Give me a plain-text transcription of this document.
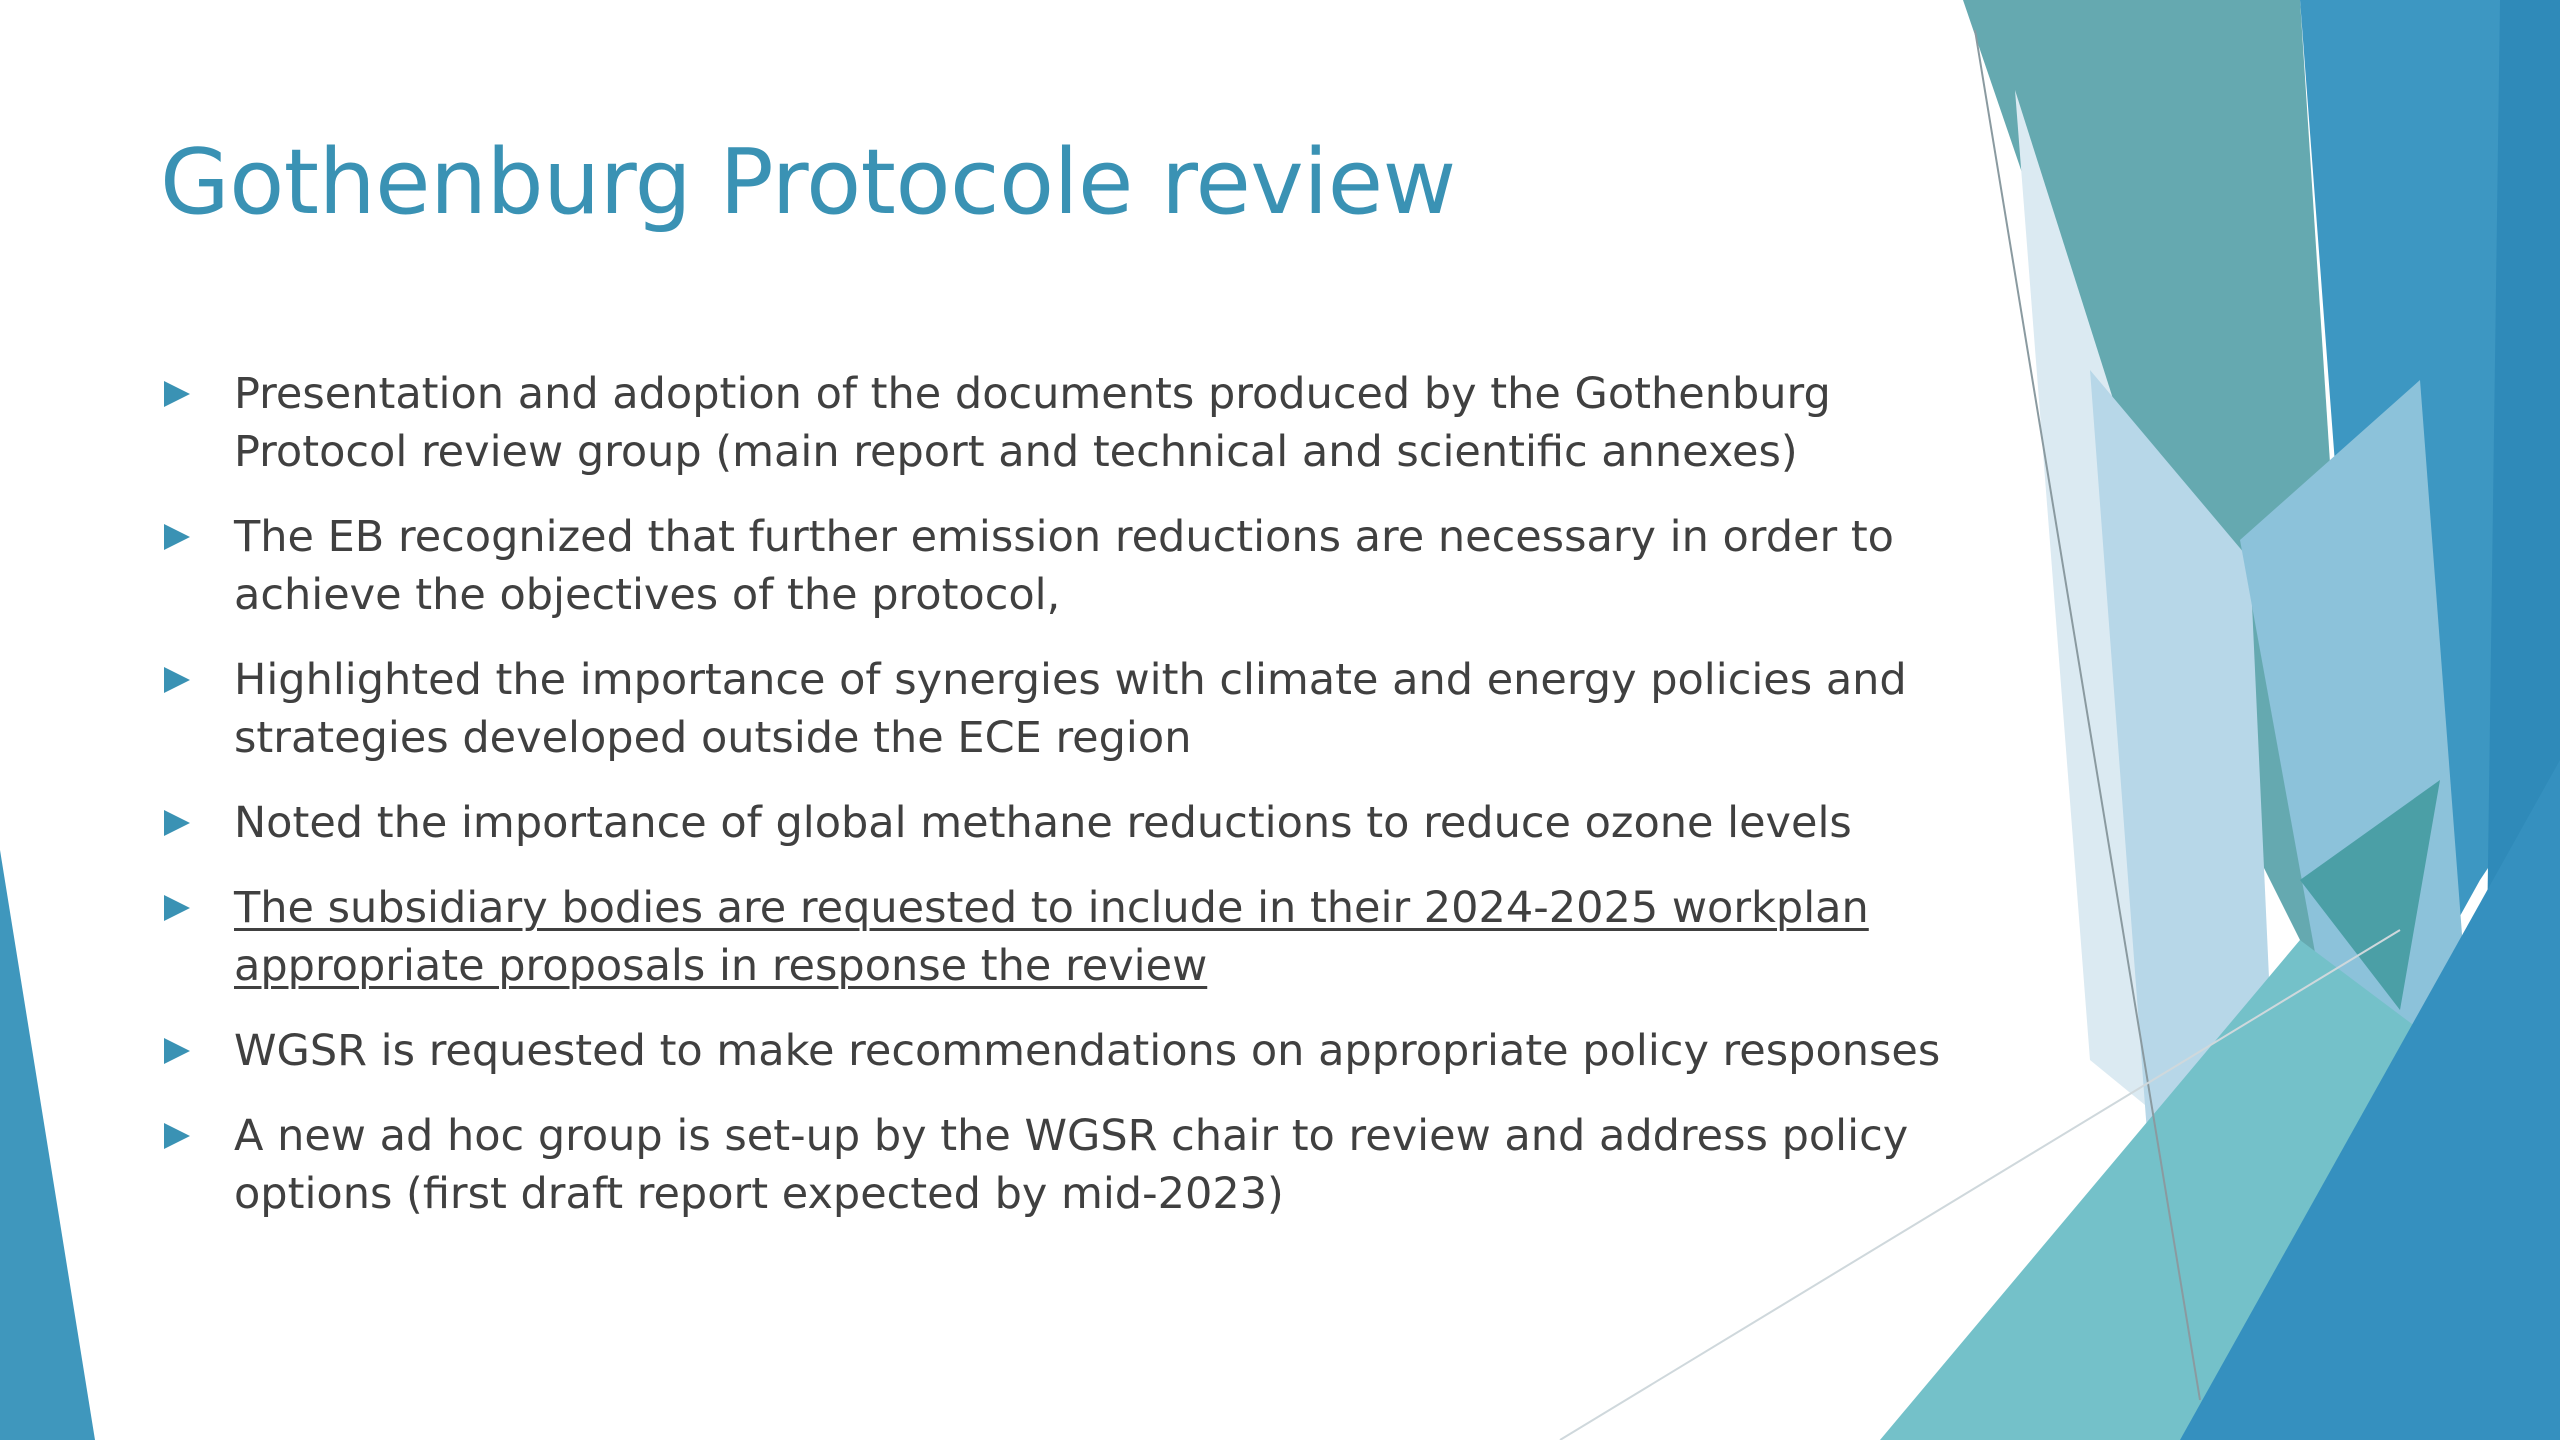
Gothenburg Protocole review
Presentation and adoption of the documents produced by the Gothenburg Protocol review group (main report and technical and scientific annexes)
The EB recognized that further emission reductions are necessary in order to achieve the objectives of the protocol,
Highlighted the importance of synergies with climate and energy policies and strategies developed outside the ECE region
Noted the importance of global methane reductions to reduce ozone levels
The subsidiary bodies are requested to include in their 2024-2025 workplan appropriate proposals in response the review
WGSR is requested to make recommendations on appropriate policy responses
A new ad hoc group is set-up by the WGSR chair to review and address policy options (first draft report expected by mid-2023)
